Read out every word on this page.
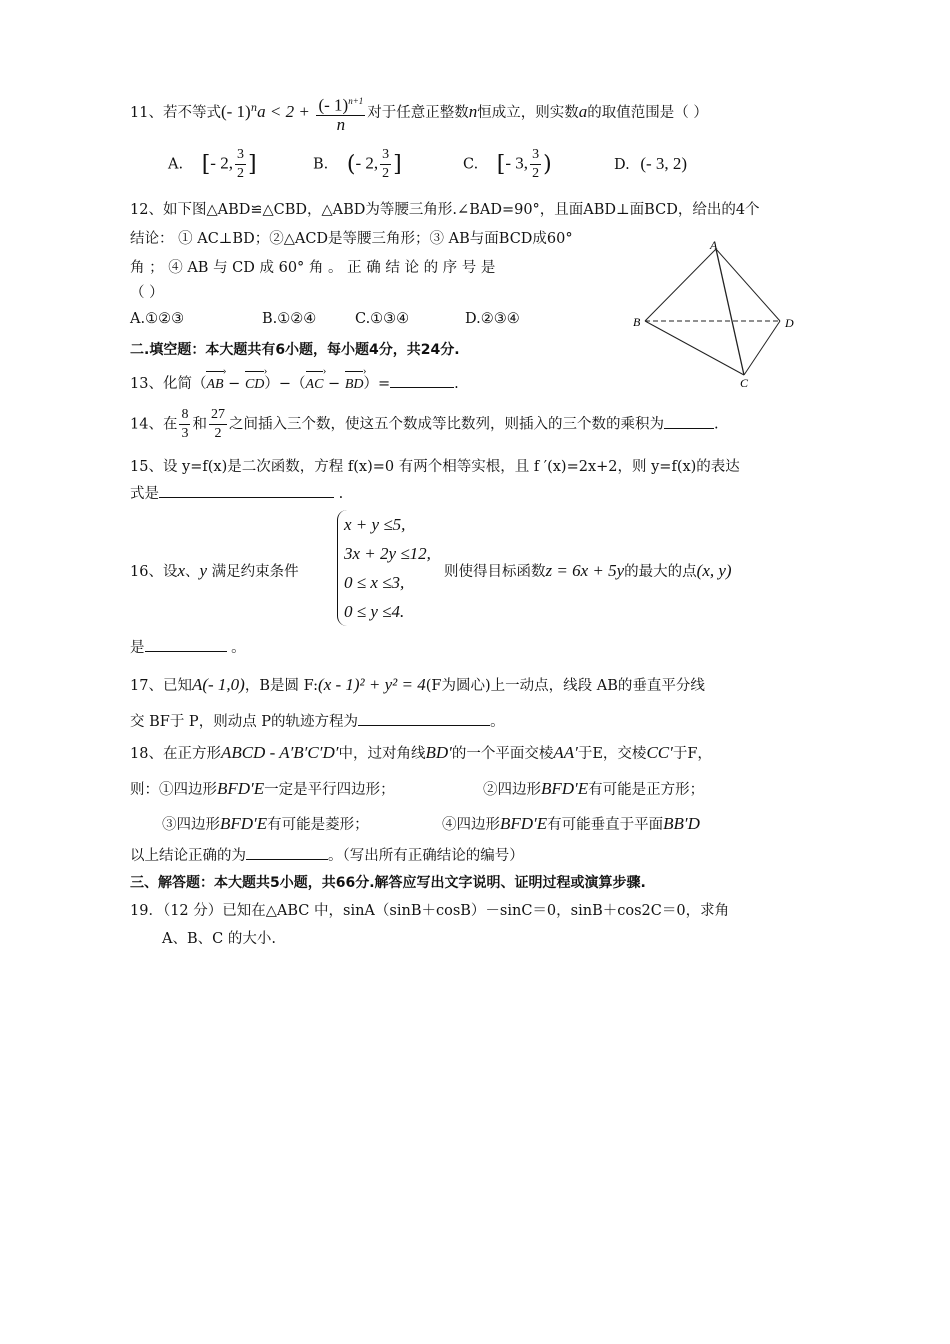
11、若不等式(- $1)^na < 2 + \frac{(- 1)^{n+1}}{n}$ 对于任意正整数n恒成立，则实数a的取值范围是（ ）
A. [- 2, $\frac{3}{2}$ ]	B. (- 2, $\frac{3}{2}$ ]	C. [- 3, $\frac{3}{2}$ )	D. (- 3, 2)
12、如下图△ABD≌△CBD，△ABD为等腰三角形.∠BAD=90°，且面ABD⊥面BCD，给出的4个
结论： ① AC⊥BD；②△ACD是等腰三角形；③ AB与面BCD成60°
角 ； ④ AB 与 CD 成 60° 角 。 正 确 结 论 的 序 号 是
（ ）
A.①②③	B.①②④	C.①③④	D.②③④
A
B	D
C
二.填空题：本大题共有6小题，每小题4分，共24分.
13、化简（AB › − CD ›）−（AC › − BD ›）=	.
14、在 $\frac{8}{3}$ 和 $\frac{27}{2}$ 之间插入三个数，使这五个数成等比数列，则插入的三个数的乘积为	.
15、设 y=f(x)是二次函数，方程 f(x)=0 有两个相等实根，且 f ′(x)=2x+2，则 y=f(x)的表达
式是	.
16、设x、y 满足约束条件
x + y ≤5,
3x + 2y ≤12,
0 ≤ x ≤3,
0 ≤ y ≤4.
则使得目标函数z = 6x + 5y的最大的点(x, y)
是	。
17、已知A(- 1,0)，B是圆 F:(x - 1)² + y² = 4(F为圆心)上一动点，线段 AB的垂直平分线
交 BF于 P，则动点 P的轨迹方程为	。
18、在正方形ABCD - A′B′C′D′中，过对角线BD′的一个平面交棱AA′于E，交棱CC′于F，
则：①四边形BFD′E一定是平行四边形；	②四边形BFD′E有可能是正方形；
③四边形BFD′E有可能是菱形；	④四边形BFD′E有可能垂直于平面BB′D
以上结论正确的为	。（写出所有正确结论的编号）
三、解答题：本大题共5小题，共66分.解答应写出文字说明、证明过程或演算步骤.
19．（12 分）已知在△ABC 中，sinA（sinB＋cosB）－sinC＝0，sinB＋cos2C＝0，求角
A、B、C 的大小.
